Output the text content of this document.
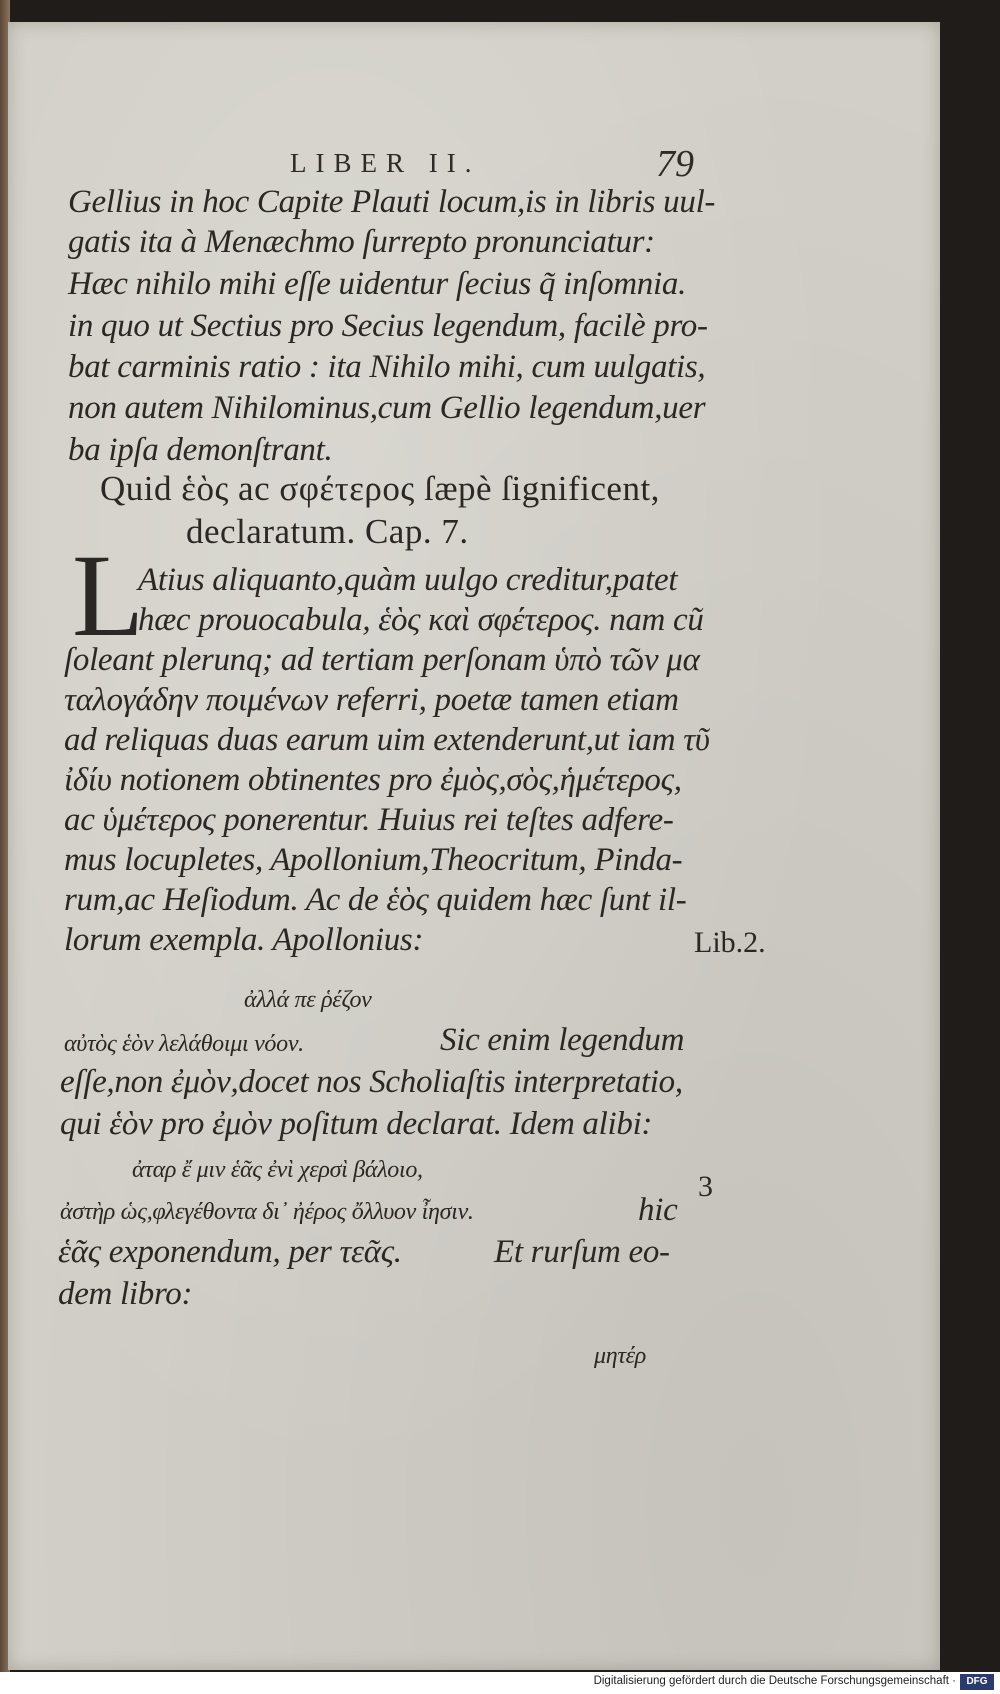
LIBER II.	79
Gellius in hoc Capite Plauti locum,is in libris uul-
gatis ita à Menæchmo ſurrepto pronunciatur:
Hæc nihilo mihi eſſe uidentur ſecius q̃ inſomnia.
in quo ut Sectius pro Secius legendum, facilè pro-
bat carminis ratio : ita Nihilo mihi, cum uulgatis,
non autem Nihilominus,cum Gellio legendum,uer
ba ipſa demonſtrant.
Quid ἑὸς ac σφέτερος ſæpè ſignificent,
declaratum. Cap. 7.
L
Atius aliquanto,quàm uulgo creditur,patet
hæc prouocabula, ἑὸς καὶ σφέτερος. nam cũ
ſoleant plerunq; ad tertiam perſonam ὑπὸ τῶν μα
ταλογάδην ποιμένων referri, poetæ tamen etiam
ad reliquas duas earum uim extenderunt,ut iam τῦ
ἰδίυ notionem obtinentes pro ἐμὸς,σὸς,ἡμέτερος,
ac ὑμέτερος ponerentur. Huius rei teſtes adfere-
mus locupletes, Apollonium,Theocritum, Pinda-
rum,ac Heſiodum. Ac de ἑὸς quidem hæc ſunt il-
lorum exempla. Apollonius:
ἀλλά πε ῥέζον
αὐτὸς ἑὸν λελάθοιμι νόον.	Sic enim legendum
eſſe,non ἐμὸν,docet nos Scholiaſtis interpretatio,
qui ἑὸν pro ἐμὸν poſitum declarat. Idem alibi:
ἀταρ ἔ μιν ἑᾶς ἐνὶ χερσὶ βάλοιο,
ἀστὴρ ὡς,φλεγέθοντα δι᾽ ἠέρος ὄλλυον ἶησιν.	hic
ἑᾶς exponendum, per τεᾶς.	Et rurſum eo-
dem libro:
μητέρ
Lib.2.
3
Digitalisierung gefördert durch die Deutsche Forschungsgemeinschaft ·	DFG
